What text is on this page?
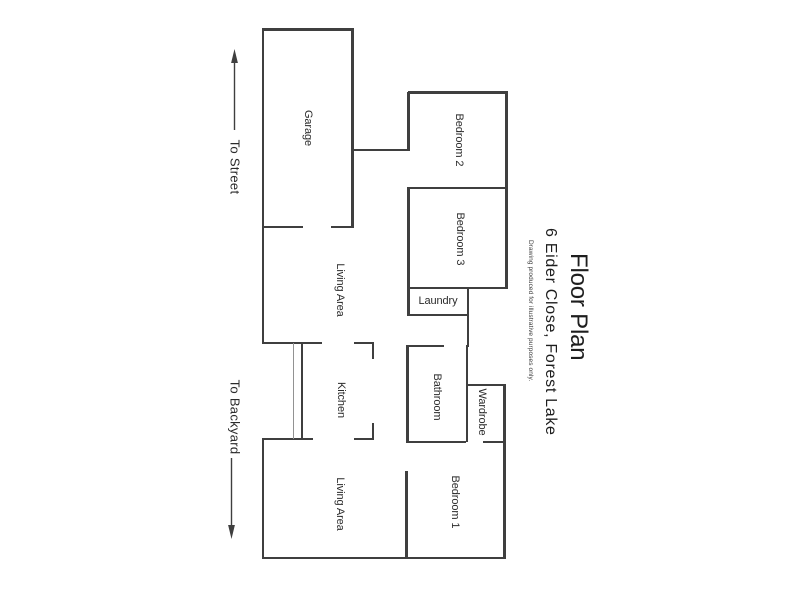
Floor Plan
6 Eider Close, Forest Lake
Drawing produced for illustrative purposes only.
To Street
To Backyard
Garage	Bedroom 2
Bedroom 3
Laundry
Bathroom	Wardrobe
Bedroom 1
Living Area
Kitchen
Living Area
